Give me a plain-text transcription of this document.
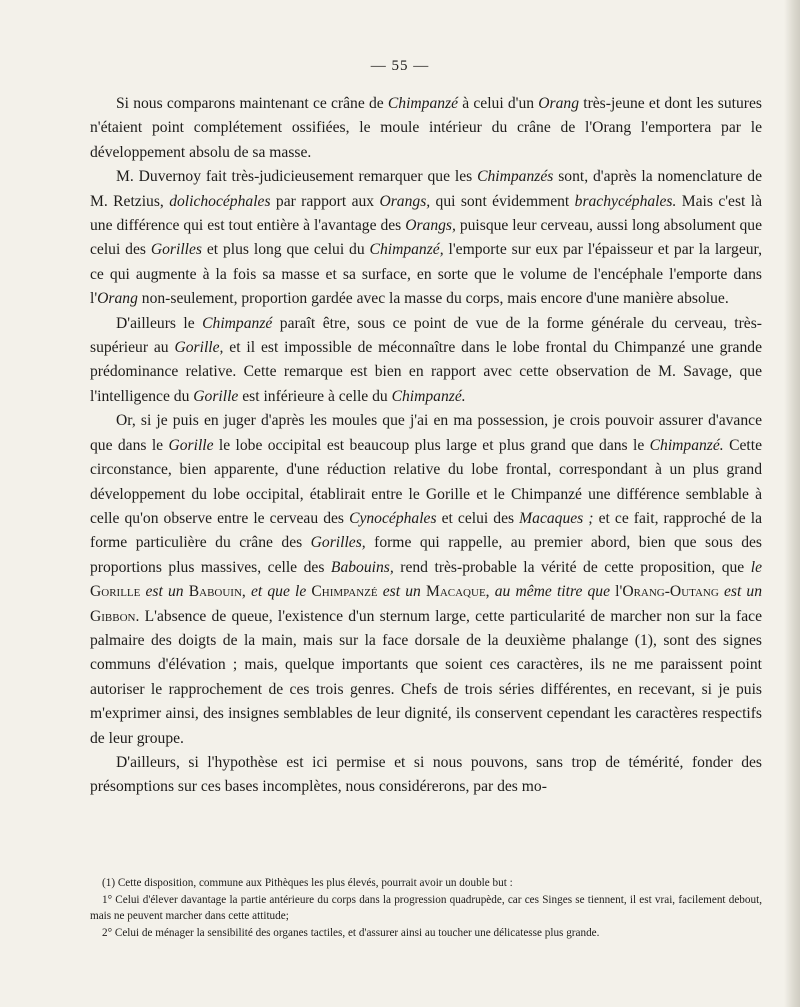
— 55 —

Si nous comparons maintenant ce crâne de Chimpanzé à celui d'un Orang très-jeune et dont les sutures n'étaient point complétement ossifiées, le moule intérieur du crâne de l'Orang l'emportera par le développement absolu de sa masse.

M. Duvernoy fait très-judicieusement remarquer que les Chimpanzés sont, d'après la nomenclature de M. Retzius, dolichocéphales par rapport aux Orangs, qui sont évidemment brachycéphales. Mais c'est là une différence qui est tout entière à l'avantage des Orangs, puisque leur cerveau, aussi long absolument que celui des Gorilles et plus long que celui du Chimpanzé, l'emporte sur eux par l'épaisseur et par la largeur, ce qui augmente à la fois sa masse et sa surface, en sorte que le volume de l'encéphale l'emporte dans l'Orang non-seulement, proportion gardée avec la masse du corps, mais encore d'une manière absolue.

D'ailleurs le Chimpanzé paraît être, sous ce point de vue de la forme générale du cerveau, très-supérieur au Gorille, et il est impossible de méconnaître dans le lobe frontal du Chimpanzé une grande prédominance relative. Cette remarque est bien en rapport avec cette observation de M. Savage, que l'intelligence du Gorille est inférieure à celle du Chimpanzé.

Or, si je puis en juger d'après les moules que j'ai en ma possession, je crois pouvoir assurer d'avance que dans le Gorille le lobe occipital est beaucoup plus large et plus grand que dans le Chimpanzé. Cette circonstance, bien apparente, d'une réduction relative du lobe frontal, correspondant à un plus grand développement du lobe occipital, établirait entre le Gorille et le Chimpanzé une différence semblable à celle qu'on observe entre le cerveau des Cynocéphales et celui des Macaques ; et ce fait, rapproché de la forme particulière du crâne des Gorilles, forme qui rappelle, au premier abord, bien que sous des proportions plus massives, celle des Babouins, rend très-probable la vérité de cette proposition, que le Gorille est un Babouin, et que le Chimpanzé est un Macaque, au même titre que l'Orang-Outang est un Gibbon. L'absence de queue, l'existence d'un sternum large, cette particularité de marcher non sur la face palmaire des doigts de la main, mais sur la face dorsale de la deuxième phalange (1), sont des signes communs d'élévation ; mais, quelque importants que soient ces caractères, ils ne me paraissent point autoriser le rapprochement de ces trois genres. Chefs de trois séries différentes, en recevant, si je puis m'exprimer ainsi, des insignes semblables de leur dignité, ils conservent cependant les caractères respectifs de leur groupe.

D'ailleurs, si l'hypothèse est ici permise et si nous pouvons, sans trop de témérité, fonder des présomptions sur ces bases incomplètes, nous considérerons, par des mo-

(1) Cette disposition, commune aux Pithèques les plus élevés, pourrait avoir un double but :

1° Celui d'élever davantage la partie antérieure du corps dans la progression quadrupède, car ces Singes se tiennent, il est vrai, facilement debout, mais ne peuvent marcher dans cette attitude;

2° Celui de ménager la sensibilité des organes tactiles, et d'assurer ainsi au toucher une délicatesse plus grande.
